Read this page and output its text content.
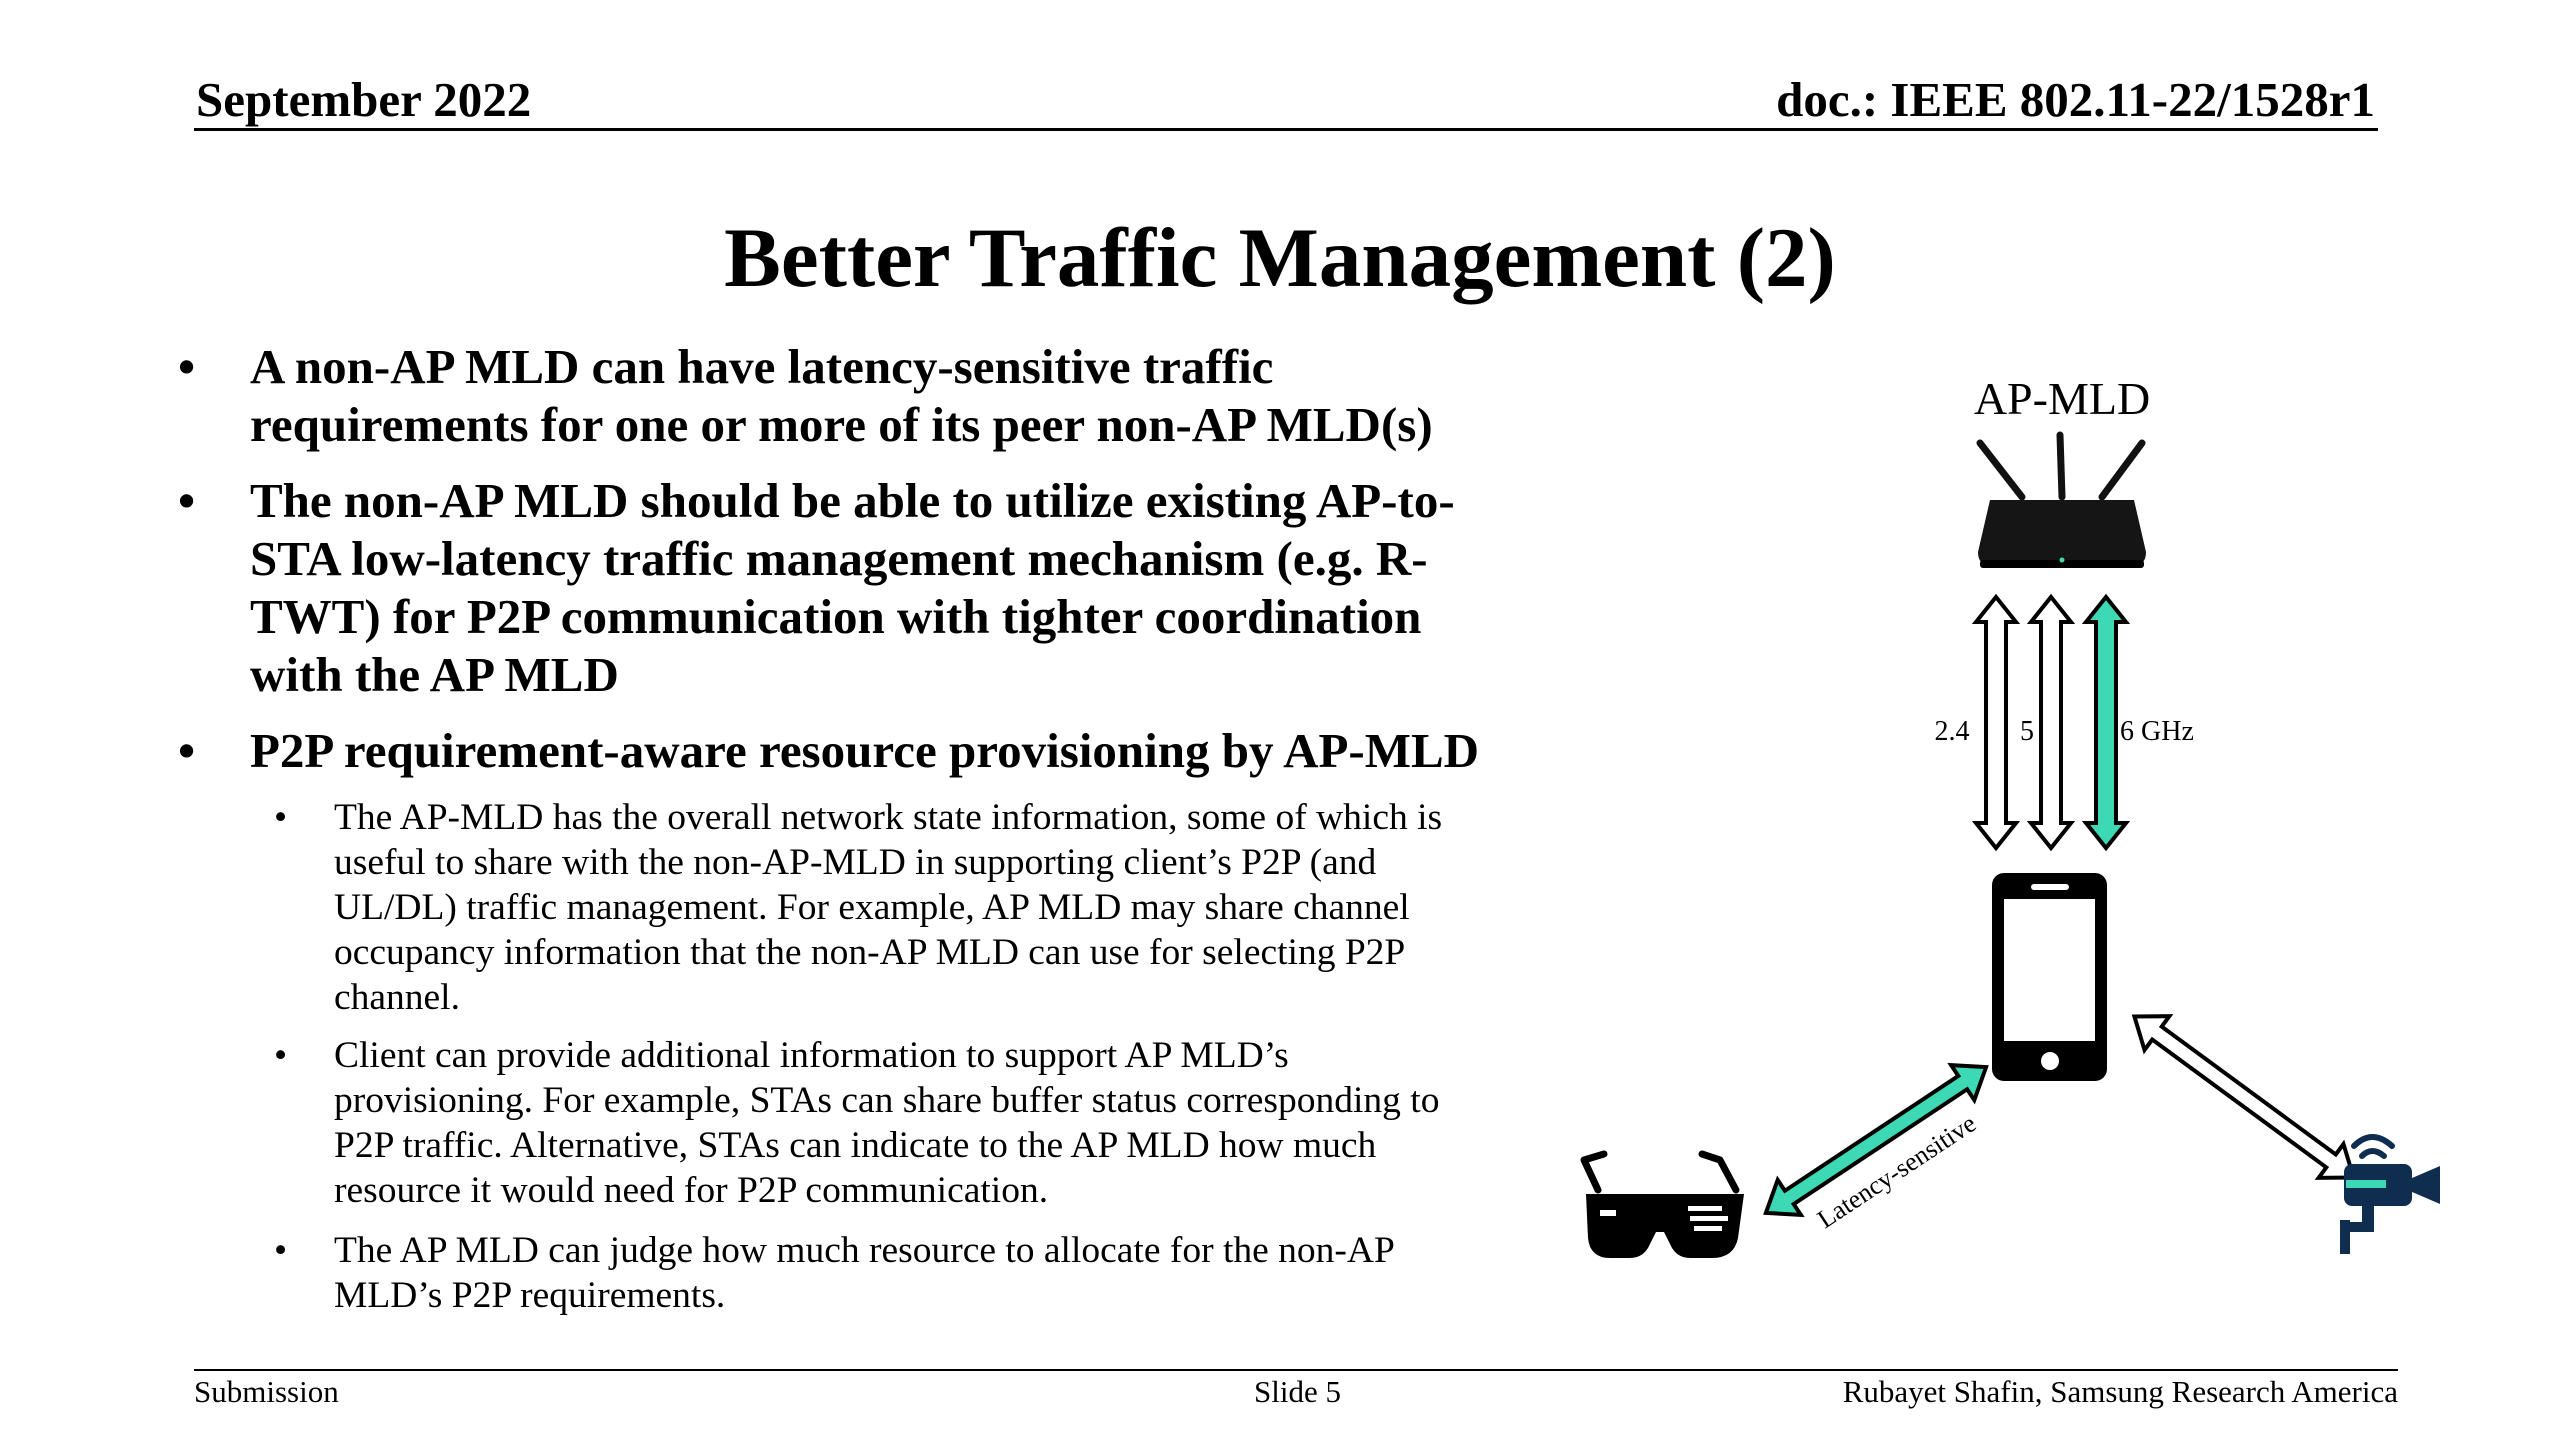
September 2022	doc.: IEEE 802.11-22/1528r1
Better Traffic Management (2)
• A non-AP MLD can have latency-sensitive traffic
requirements for one or more of its peer non-AP MLD(s)
• The non-AP MLD should be able to utilize existing AP-to-
STA low-latency traffic management mechanism (e.g. R-
TWT) for P2P communication with tighter coordination
with the AP MLD
• P2P requirement-aware resource provisioning by AP-MLD
• The AP-MLD has the overall network state information, some of which is
useful to share with the non-AP-MLD in supporting client’s P2P (and
UL/DL) traffic management. For example, AP MLD may share channel
occupancy information that the non-AP MLD can use for selecting P2P
channel.
• Client can provide additional information to support AP MLD’s
provisioning. For example, STAs can share buffer status corresponding to
P2P traffic. Alternative, STAs can indicate to the AP MLD how much
resource it would need for P2P communication.
• The AP MLD can judge how much resource to allocate for the non-AP
MLD’s P2P requirements.
AP-MLD
2.4 5	6 GHz
Latency-sensitive
Submission	Slide 5	Rubayet Shafin, Samsung Research America
